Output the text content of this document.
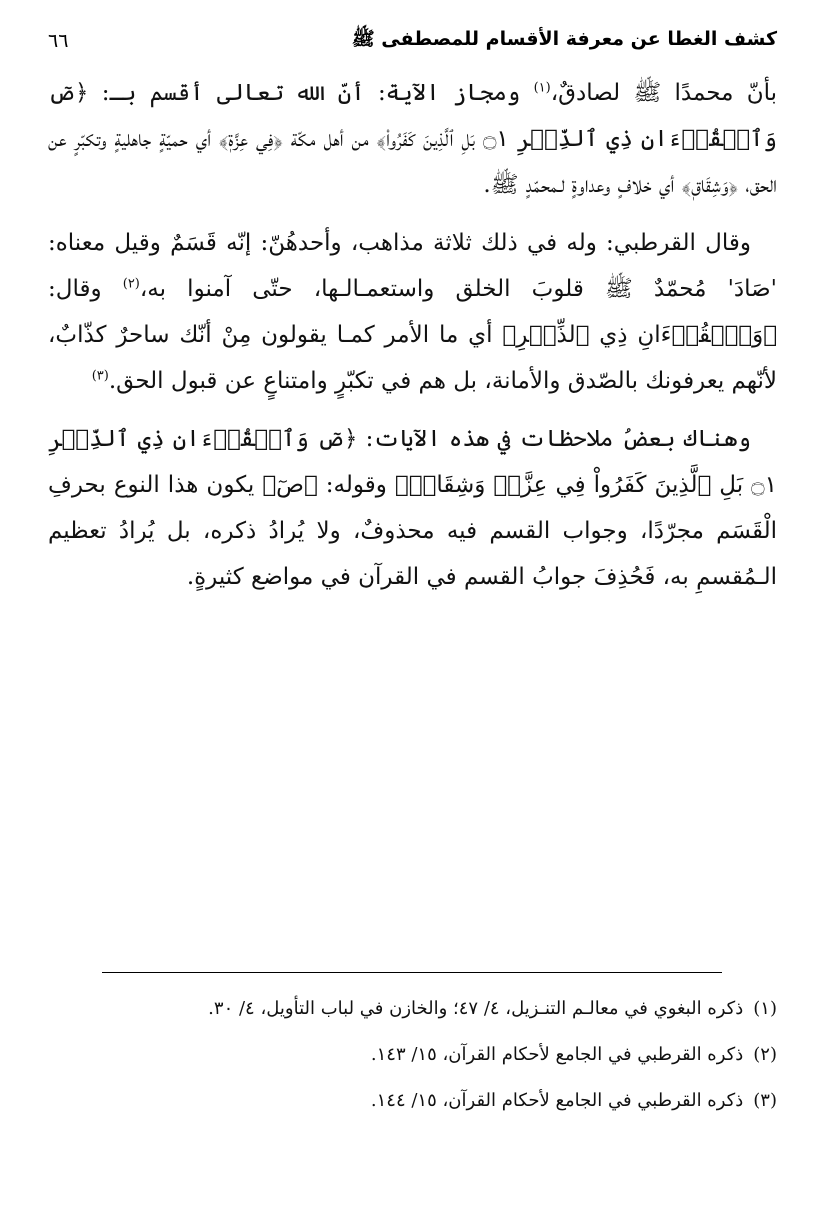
كشف الغطا عن معرفة الأقسام للمصطفى ﷺ
٦٦

بأنّ محمدًا ﷺ لصادقٌ،$^{(١)}$ ومجاز الآية: أنّ الله تعالى أقسم بـ: ﴿صٓ وَٱلۡقُرۡءَانِ ذِي ٱلذِّكۡرِ ۝١ بَلِ ٱلَّذِينَ كَفَرُواْ﴾ من أهل مكّة ﴿فِي عِزَّةٖ﴾ أي حميّةٍ جاهليةٍ وتكبّرٍ عن الحق، ﴿وَشِقَاقٖ﴾ أي خلافٍ وعداوةٍ لـمحمّدٍ ﷺ.

وقال القرطبي: وله في ذلك ثلاثة مذاهب، وأحدهُنّ: إنّه قَسَمٌ وقيل معناه: 'صَادَ' مُحمّدٌ ﷺ قلوبَ الخلق واستعمـالـها، حتّى آمنوا به،$^{(٢)}$ وقال: ﴿وَٱلۡقُرۡءَانِ ذِي ٱلذِّكۡرِ﴾ أي ما الأمر كمـا يقولون مِنْ أنّك ساحرٌ كذّابٌ، لأنّهم يعرفونك بالصّدق والأمانة، بل هم في تكبّرٍ وامتناعٍ عن قبول الحق.$^{(٣)}$

وهناك بعضُ ملاحظات في هذه الآيات: ﴿صٓ وَٱلۡقُرۡءَانِ ذِي ٱلذِّكۡرِ ۝١ بَلِ ٱلَّذِينَ كَفَرُواْ فِي عِزَّةٖ وَشِقَاقٖ﴾ وقوله: ﴿صٓ﴾ يكون هذا النوع بحرفِ الْقَسَم مجرّدًا، وجواب القسم فيه محذوفٌ، ولا يُرادُ ذكره، بل يُرادُ تعظيم الـمُقسمِ به، فَحُذِفَ جوابُ القسم في القرآن في مواضع كثيرةٍ.

(١)ذكره البغوي في معالـم التنـزيل، ٤/ ٤٧؛ والخازن في لباب التأويل، ٤/ ٣٠.
(٢)ذكره القرطبي في الجامع لأحكام القرآن، ١٥/ ١٤٣.
(٣)ذكره القرطبي في الجامع لأحكام القرآن، ١٥/ ١٤٤.
